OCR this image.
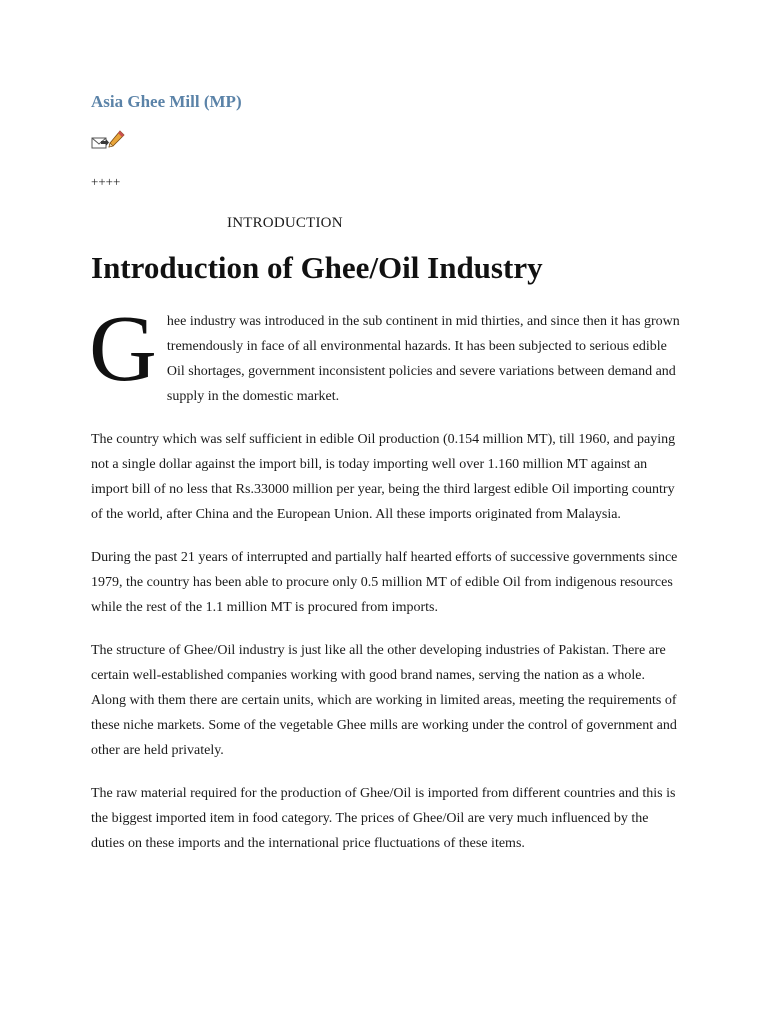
Asia Ghee Mill (MP)
++++
INTRODUCTION
Introduction of Ghee/Oil Industry

Ghee industry was introduced in the sub continent in mid thirties, and since then it has grown tremendously in face of all environmental hazards. It has been subjected to serious edible Oil shortages, government inconsistent policies and severe variations between demand and supply in the domestic market.

The country which was self sufficient in edible Oil production (0.154 million MT), till 1960, and paying not a single dollar against the import bill, is today importing well over 1.160 million MT against an import bill of no less that Rs.33000 million per year, being the third largest edible Oil importing country of the world, after China and the European Union. All these imports originated from Malaysia.

During the past 21 years of interrupted and partially half hearted efforts of successive governments since 1979, the country has been able to procure only 0.5 million MT of edible Oil from indigenous resources while the rest of the 1.1 million MT is procured from imports.

The structure of Ghee/Oil industry is just like all the other developing industries of Pakistan. There are certain well-established companies working with good brand names, serving the nation as a whole. Along with them there are certain units, which are working in limited areas, meeting the requirements of these niche markets. Some of the vegetable Ghee mills are working under the control of government and other are held privately.

The raw material required for the production of Ghee/Oil is imported from different countries and this is the biggest imported item in food category. The prices of Ghee/Oil are very much influenced by the duties on these imports and the international price fluctuations of these items.
